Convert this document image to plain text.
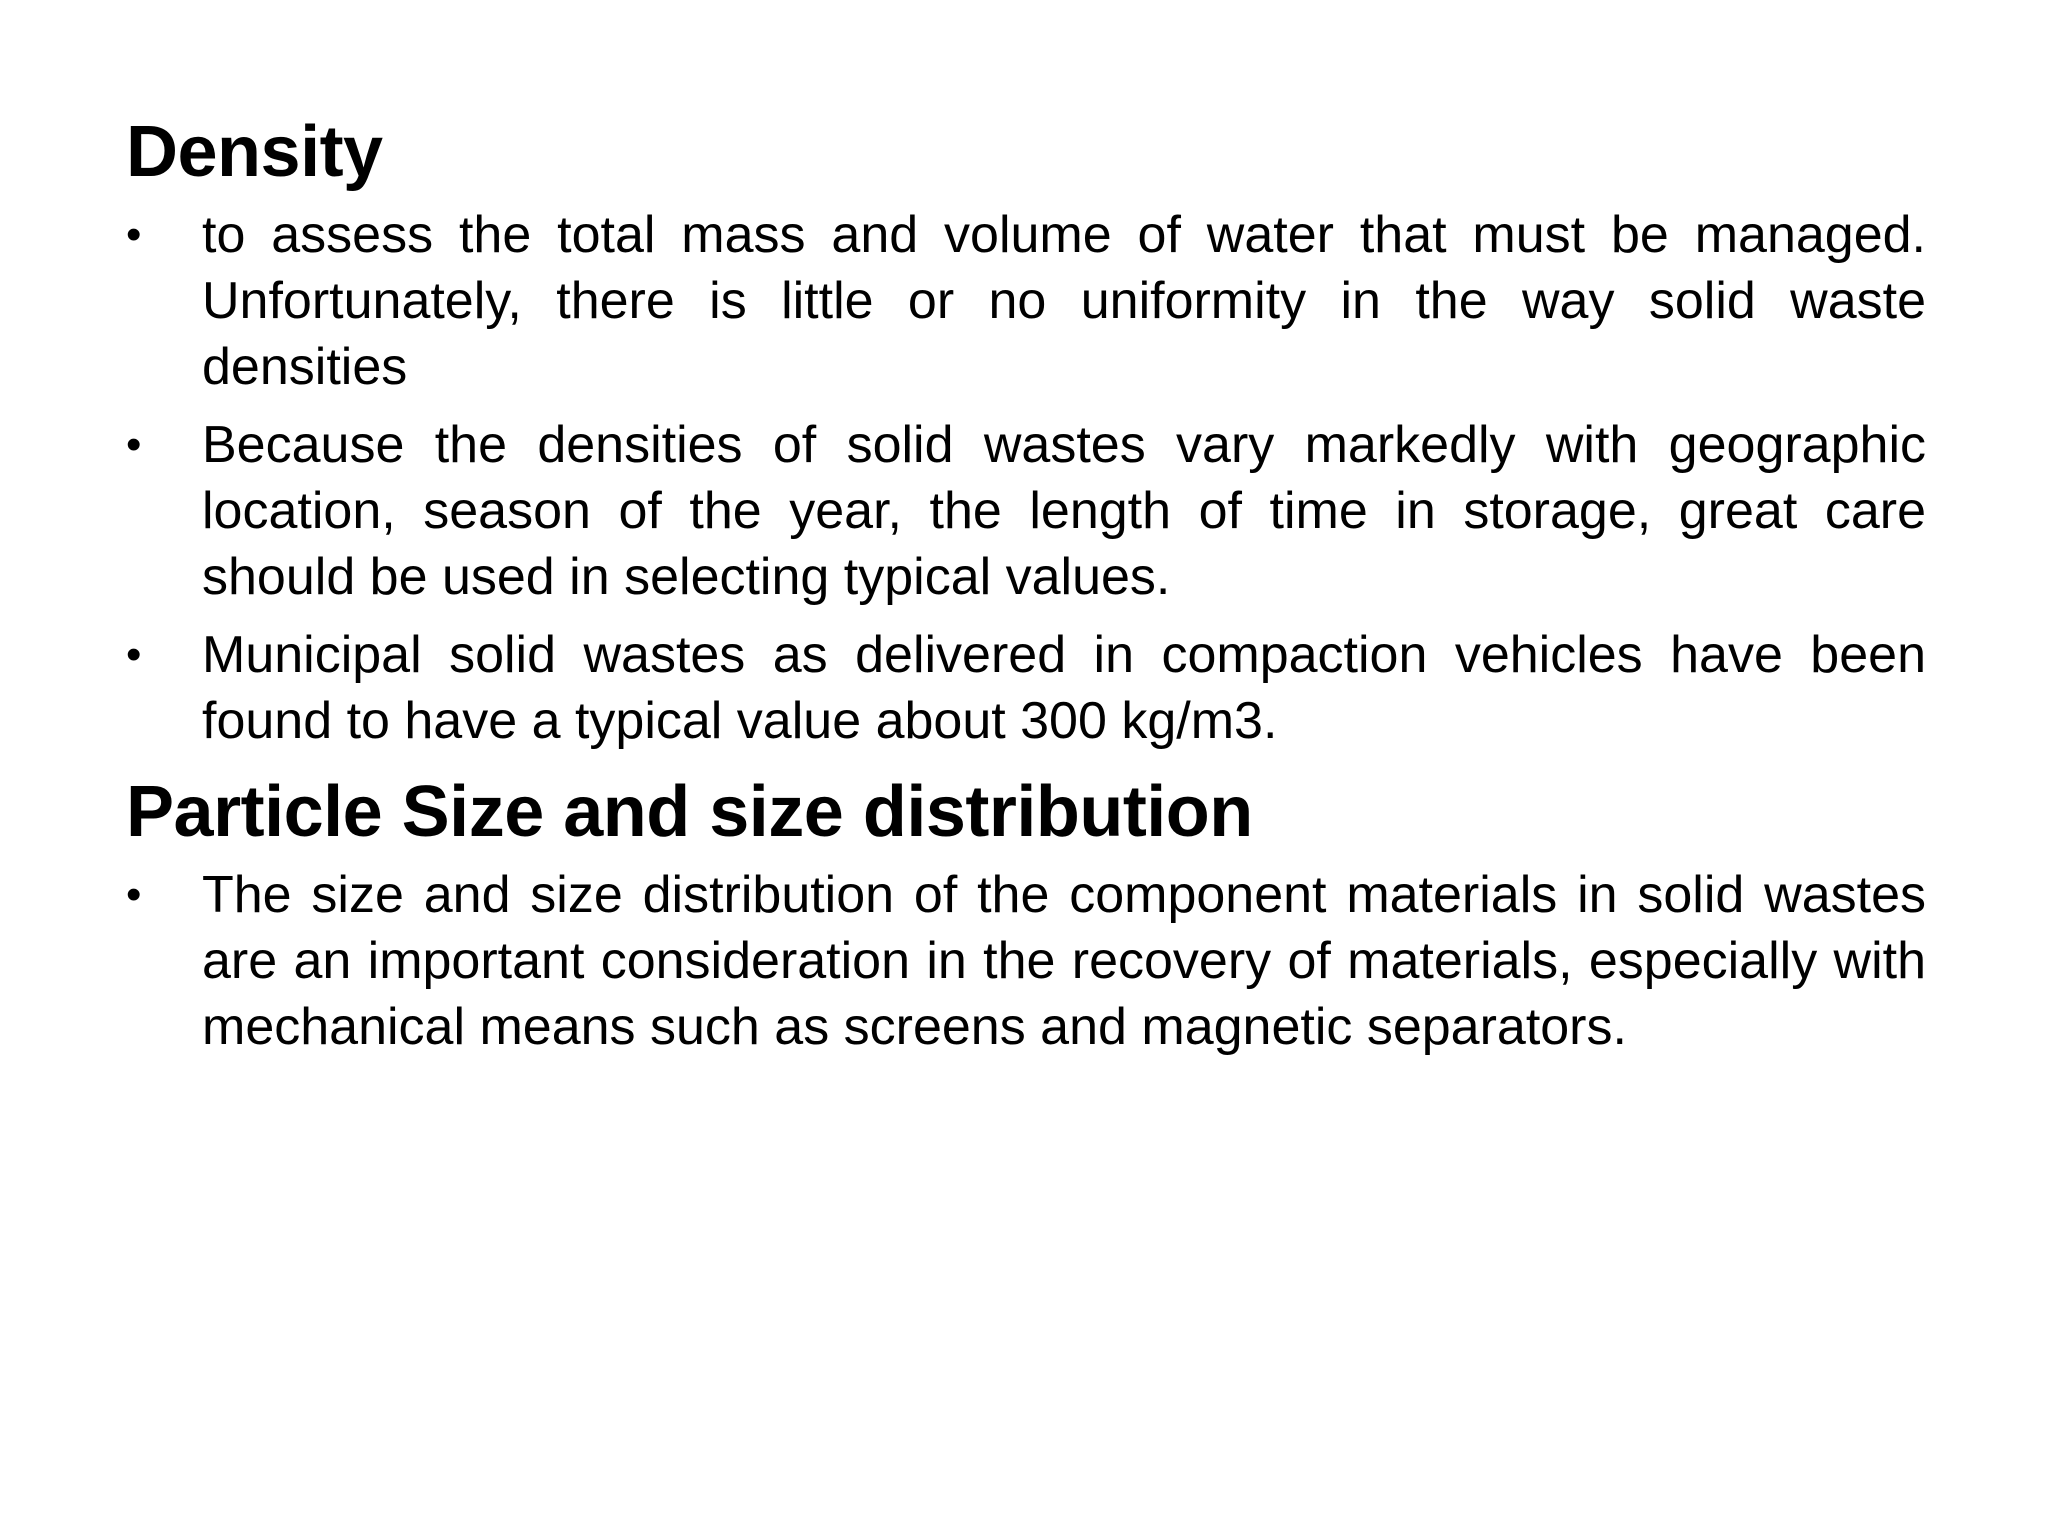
Density
• to assess the total mass and volume of water that must be managed. Unfortunately, there is little or no uniformity in the way solid waste densities
• Because the densities of solid wastes vary markedly with geographic location, season of the year, the length of time in storage, great care should be used in selecting typical values.
• Municipal solid wastes as delivered in compaction vehicles have been found to have a typical value about 300 kg/m3.
Particle Size and size distribution
• The size and size distribution of the component materials in solid wastes are an important consideration in the recovery of materials, especially with mechanical means such as screens and magnetic separators.
